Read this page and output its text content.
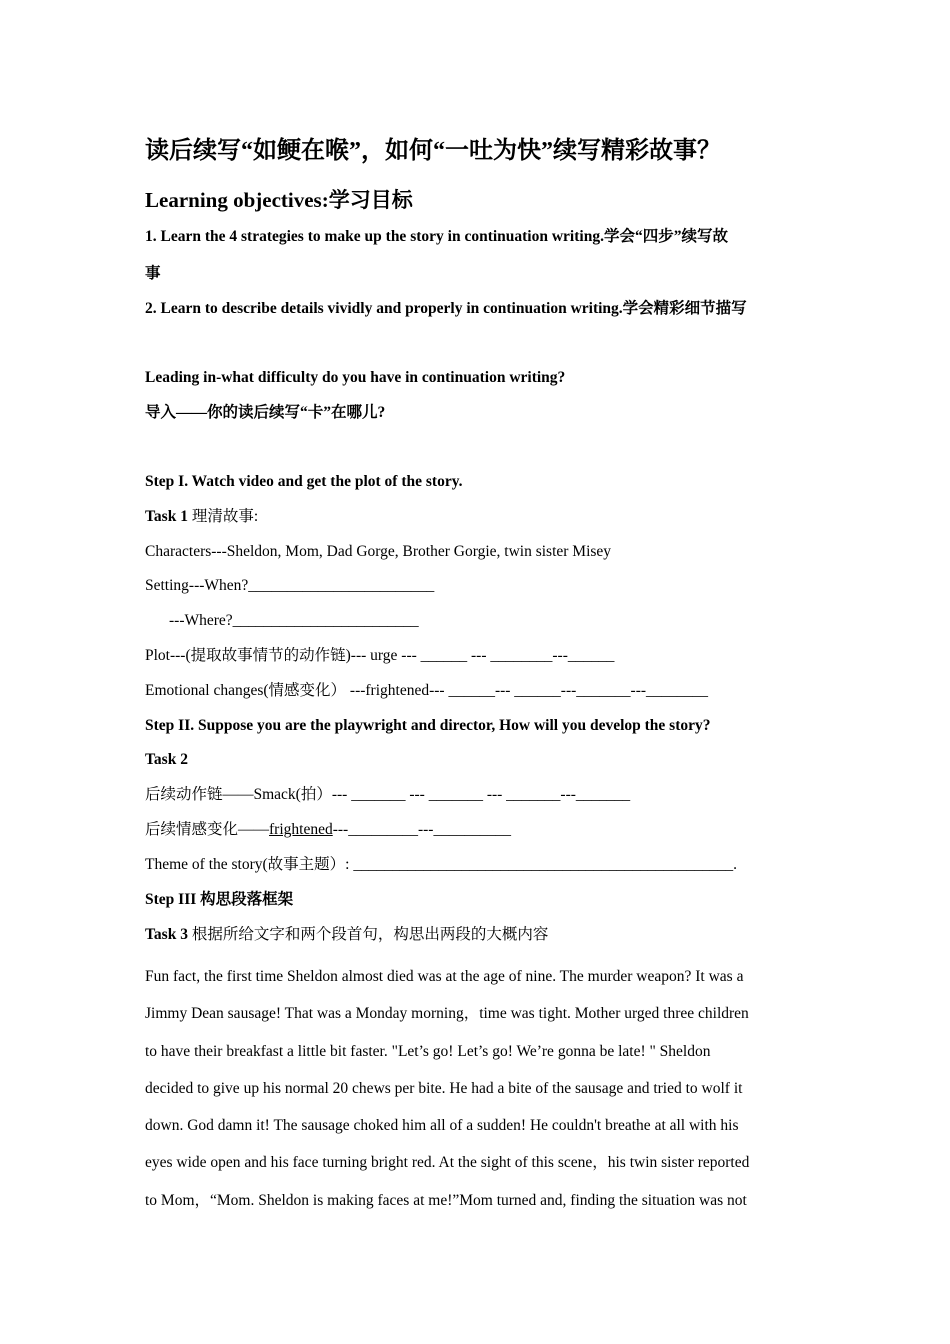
读后续写“如鲠在喉”，如何“一吐为快”续写精彩故事？
Learning objectives:学习目标
1. Learn the 4 strategies to make up the story in continuation writing.学会“四步”续写故
事
2. Learn to describe details vividly and properly in continuation writing.学会精彩细节描写
Leading in-what difficulty do you have in continuation writing?
导入——你的读后续写“卡”在哪儿?
Step I. Watch video and get the plot of the story.
Task 1 理清故事:
Characters---Sheldon, Mom, Dad Gorge, Brother Gorgie, twin sister Misey
Setting---When?________________________
---Where?________________________
Plot---(提取故事情节的动作链)--- urge --- ______ --- ________---______
Emotional changes(情感变化） ---frightened--- ______--- ______---_______---________
Step II. Suppose you are the playwright and director, How will you develop the story?
Task 2
后续动作链——Smack(拍）--- _______ --- _______ --- _______---_______
后续情感变化——frightened---_________---__________
Theme of the story(故事主题）: _________________________________________________.
Step III 构思段落框架
Task 3 根据所给文字和两个段首句，构思出两段的大概内容
Fun fact, the first time Sheldon almost died was at the age of nine. The murder weapon? It was a
Jimmy Dean sausage! That was a Monday morning，time was tight. Mother urged three children
to have their breakfast a little bit faster. "Let’s go! Let’s go! We’re gonna be late! " Sheldon
decided to give up his normal 20 chews per bite. He had a bite of the sausage and tried to wolf it
down. God damn it! The sausage choked him all of a sudden! He couldn't breathe at all with his
eyes wide open and his face turning bright red. At the sight of this scene，his twin sister reported
to Mom，“Mom. Sheldon is making faces at me!”Mom turned and, finding the situation was not
